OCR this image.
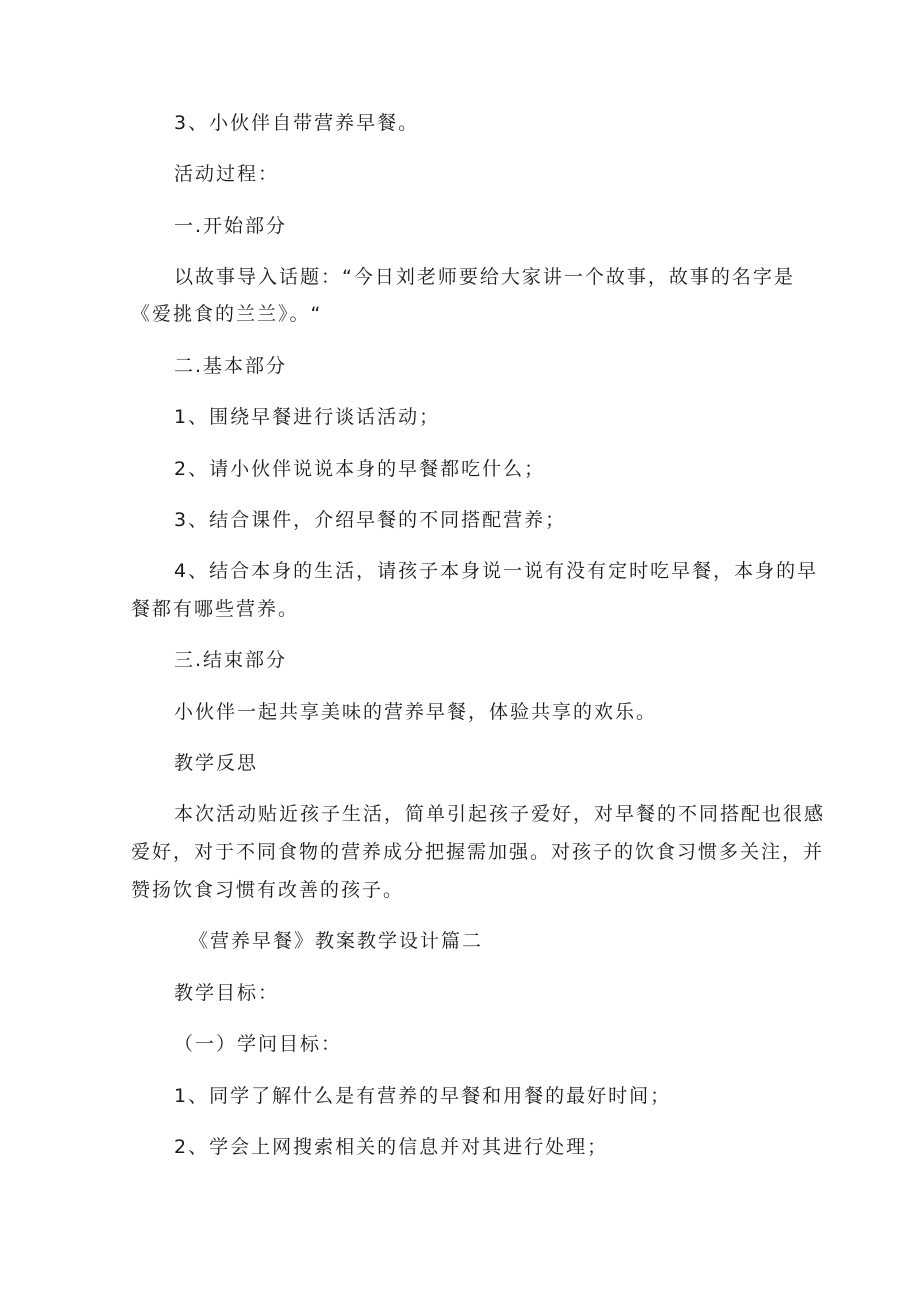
3、小伙伴自带营养早餐。

活动过程：

一.开始部分

以故事导入话题：“今日刘老师要给大家讲一个故事，故事的名字是

《爱挑食的兰兰》。“

二.基本部分

1、围绕早餐进行谈话活动；

2、请小伙伴说说本身的早餐都吃什么；

3、结合课件，介绍早餐的不同搭配营养；

4、结合本身的生活，请孩子本身说一说有没有定时吃早餐，本身的早

餐都有哪些营养。

三.结束部分

小伙伴一起共享美味的营养早餐，体验共享的欢乐。

教学反思

本次活动贴近孩子生活，简单引起孩子爱好，对早餐的不同搭配也很感

爱好，对于不同食物的营养成分把握需加强。对孩子的饮食习惯多关注，并

赞扬饮食习惯有改善的孩子。

《营养早餐》教案教学设计篇二

教学目标：

（一）学问目标：

1、同学了解什么是有营养的早餐和用餐的最好时间；

2、学会上网搜索相关的信息并对其进行处理；
